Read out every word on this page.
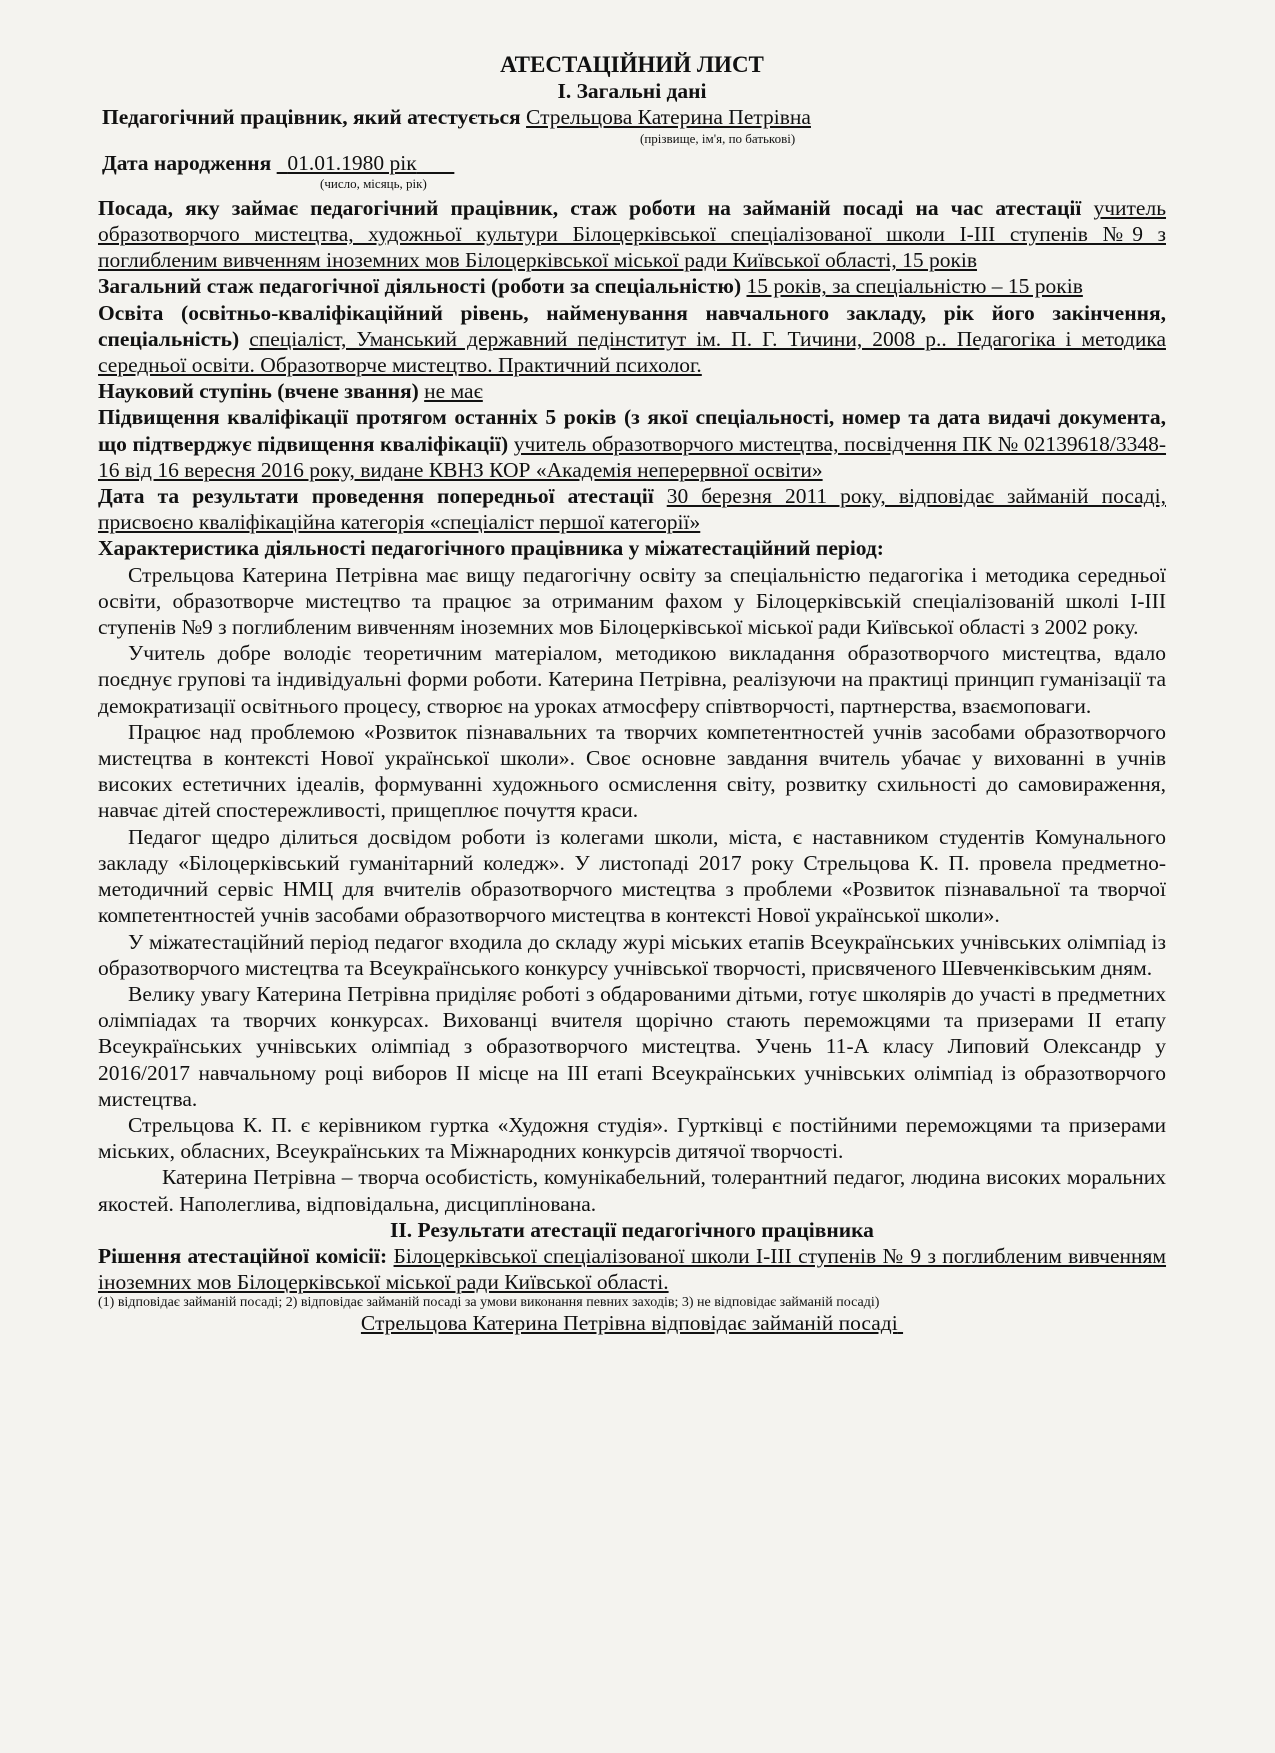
АТЕСТАЦІЙНИЙ ЛИСТ
І. Загальні дані
Педагогічний працівник, який атестується Стрельцова Катерина Петрівна
(прізвище, ім'я, по батькові)
Дата народження 01.01.1980 рік
(число, місяць, рік)
Посада, яку займає педагогічний працівник, стаж роботи на займаній посаді на час атестації учитель образотворчого мистецтва, художньої культури Білоцерківської спеціалізованої школи І-ІІІ ступенів №9 з поглибленим вивченням іноземних мов Білоцерківської міської ради Київської області, 15 років
Загальний стаж педагогічної діяльності (роботи за спеціальністю) 15 років, за спеціальністю – 15 років
Освіта (освітньо-кваліфікаційний рівень, найменування навчального закладу, рік його закінчення, спеціальність) спеціаліст, Уманський державний педінститут ім. П. Г. Тичини, 2008 р.. Педагогіка і методика середньої освіти. Образотворче мистецтво. Практичний психолог.
Науковий ступінь (вчене звання) не має
Підвищення кваліфікації протягом останніх 5 років (з якої спеціальності, номер та дата видачі документа, що підтверджує підвищення кваліфікації) учитель образотворчого мистецтва, посвідчення ПК № 02139618/3348-16 від 16 вересня 2016 року, видане КВНЗ КОР «Академія неперервної освіти»
Дата та результати проведення попередньої атестації 30 березня 2011 року, відповідає займаній посаді, присвоєно кваліфікаційна категорія «спеціаліст першої категорії»
Характеристика діяльності педагогічного працівника у міжатестаційний період:
Стрельцова Катерина Петрівна має вищу педагогічну освіту за спеціальністю педагогіка і методика середньої освіти, образотворче мистецтво та працює за отриманим фахом у Білоцерківській спеціалізованій школі І-ІІІ ступенів №9 з поглибленим вивченням іноземних мов Білоцерківської міської ради Київської області з 2002 року.
Учитель добре володіє теоретичним матеріалом, методикою викладання образотворчого мистецтва, вдало поєднує групові та індивідуальні форми роботи. Катерина Петрівна, реалізуючи на практиці принцип гуманізації та демократизації освітнього процесу, створює на уроках атмосферу співтворчості, партнерства, взаємоповаги.
Працює над проблемою «Розвиток пізнавальних та творчих компетентностей учнів засобами образотворчого мистецтва в контексті Нової української школи». Своє основне завдання вчитель убачає у вихованні в учнів високих естетичних ідеалів, формуванні художнього осмислення світу, розвитку схильності до самовираження, навчає дітей спостережливості, прищеплює почуття краси.
Педагог щедро ділиться досвідом роботи із колегами школи, міста, є наставником студентів Комунального закладу «Білоцерківський гуманітарний коледж». У листопаді 2017 року Стрельцова К. П. провела предметно-методичний сервіс НМЦ для вчителів образотворчого мистецтва з проблеми «Розвиток пізнавальної та творчої компетентностей учнів засобами образотворчого мистецтва в контексті Нової української школи».
У міжатестаційний період педагог входила до складу журі міських етапів Всеукраїнських учнівських олімпіад із образотворчого мистецтва та Всеукраїнського конкурсу учнівської творчості, присвяченого Шевченківським дням.
Велику увагу Катерина Петрівна приділяє роботі з обдарованими дітьми, готує школярів до участі в предметних олімпіадах та творчих конкурсах. Вихованці вчителя щорічно стають переможцями та призерами ІІ етапу Всеукраїнських учнівських олімпіад з образотворчого мистецтва. Учень 11-А класу Липовий Олександр у 2016/2017 навчальному році виборов ІІ місце на ІІІ етапі Всеукраїнських учнівських олімпіад із образотворчого мистецтва.
Стрельцова К. П. є керівником гуртка «Художня студія». Гуртківці є постійними переможцями та призерами міських, обласних, Всеукраїнських та Міжнародних конкурсів дитячої творчості.
Катерина Петрівна – творча особистість, комунікабельний, толерантний педагог, людина високих моральних якостей. Наполеглива, відповідальна, дисциплінована.
ІІ. Результати атестації педагогічного працівника
Рішення атестаційної комісії: Білоцерківської спеціалізованої школи І-ІІІ ступенів № 9 з поглибленим вивченням іноземних мов Білоцерківської міської ради Київської області.
(1) відповідає займаній посаді; 2) відповідає займаній посаді за умови виконання певних заходів; 3) не відповідає займаній посаді)
Стрельцова Катерина Петрівна відповідає займаній посаді
